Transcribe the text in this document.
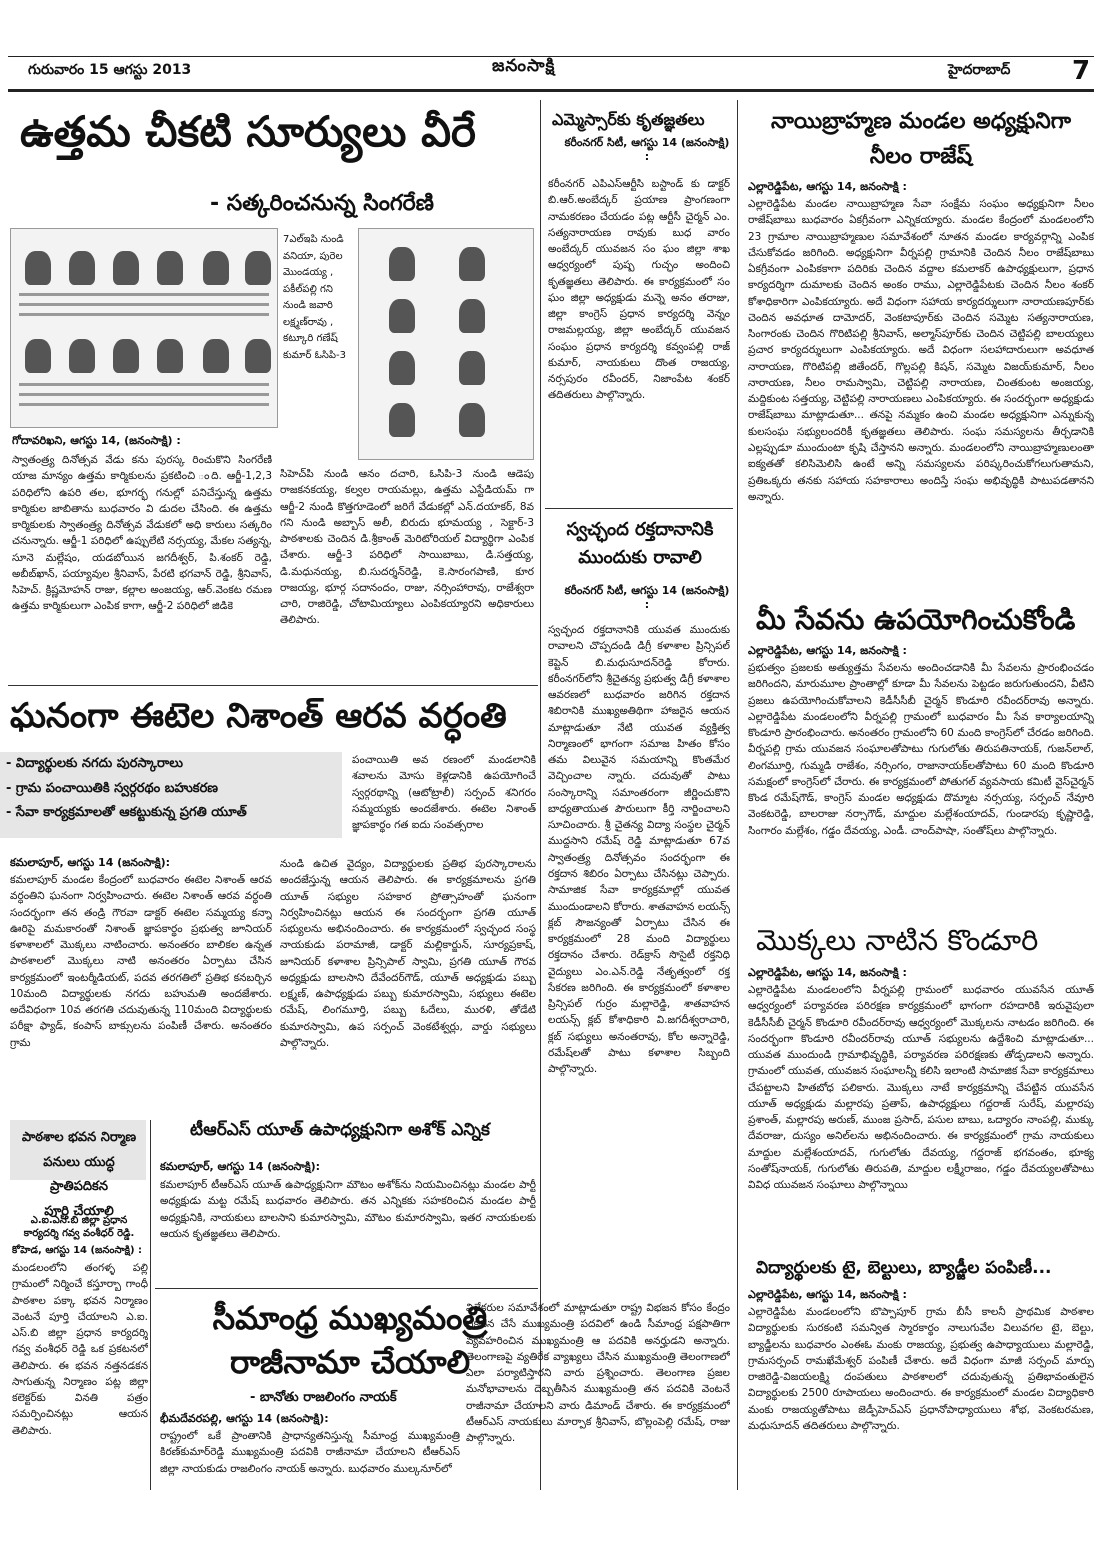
గురువారం 15 ఆగస్టు 2013	జనంసాక్షి	హైదరాబాద్ 7
ఉత్తమ చీకటి సూర్యులు వీరే
- సత్కరించనున్న సింగరేణి
7ఎల్ఇపి నుండి వనియా, పురెల మొండయ్య , పకీల్‌పల్లి గని నుండి జవారి లక్ష్మణ్‌రావు , కట్కూరి గణేష్ కుమార్ ఓసిపి-3
గోదావరిఖని, ఆగస్టు 14, (జనంసాక్షి) :
స్వాతంత్ర్య దినోత్సవ వేడు కను పురస్క రించుకొని సింగరేణి యాజ మాన్యం ఉత్తమ కార్మికులను ప్రకటించి ంది. ఆర్జీ-1,2,3 పరిధిలోని ఉపరి తల, భూగర్భ గనుల్లో పనిచేస్తున్న ఉత్తమ కార్మికుల జాబితాను బుధవారం వి డుదల చేసింది. ఈ ఉత్తమ కార్మికులకు స్వాతంత్ర్య దినోత్సవ వేడుకలో అధి కారులు సత్కరిం చనున్నారు. ఆర్జీ-1 పరిధిలో ఉప్పులేటి నర్సయ్య, మేకల సత్యన్న, సూనె మల్లేషం, యడబోయిన జగదీశ్వర్, పి.శంకర్ రెడ్డి, అబీబ్‌ఖాన్, పయ్యావుల శ్రీనివాస్, పేరటి భగవాన్ రెడ్డి, శ్రీనివాస్, సిహెచ్. క్రిష్ణమోహన్ రాజు, కల్లాల అంజయ్య, ఆర్.వెంకట రమణ ఉత్తమ కార్మికులుగా ఎంపిక కాగా, ఆర్జీ-2 పరిధిలో జిడికె
సిహెచ్‌పి నుండి ఆనం దచారి, ఓసిపి-3 నుండి ఆడెపు రాజకనకయ్య, కల్వల రాయమల్లు, ఉత్తమ ఎస్టేడియమ్ గా ఆర్జీ-2 నుండి కొత్తగూడెంలో జరిగే వేడుకల్లో ఎన్.దయాకర్, 8వ గని నుండి అబ్బాస్ అలీ, బిరుదు భూమయ్య , సెక్టార్-3 పాఠశాలకు చెందిన డి.శ్రీకాంత్ మెరిటోరియల్ విద్యార్థిగా ఎంపిక చేశారు. ఆర్జీ-3 పరిధిలో సాయిబాబు, డి.సత్తయ్య, డి.మధునయ్య, బి.సుదర్శన్‌రెడ్డి, కె.సారంగపాణి, కూర రాజయ్య, భూర్గ సదానందం, రాజు, నర్సింహారావు, రాజేశ్వరా చారి, రాజిరెడ్డి, చోటామియ్యాలు ఎంపికయ్యారని అధికారులు తెలిపారు.
ఘనంగా ఈటెల నిశాంత్ ఆరవ వర్ధంతి
- విద్యార్థులకు నగదు పురస్కారాలు
- గ్రామ పంచాయితికి స్వర్గరథం బహుకరణ
- సేవా కార్యక్రమాలతో ఆకట్టుకున్న ప్రగతి యూత్
పంచాయితి అవ రణంలో మండలానికి శవాలను మోసు కెళ్లడానికి ఉపయోగించే స్వర్గరథాన్ని (ఆటోట్రాలీ) సర్పంచ్ శనిగరం సమ్మయ్యకు అందజేశారు. ఈటెల నిశాంత్ జ్ఞాపకార్థం గత ఐదు సంవత్సరాల
కమలాపూర్, ఆగస్టు 14 (జనంసాక్షి):
కమలాపూర్ మండల కేంద్రంలో బుధవారం ఈటెల నిశాంత్ ఆరవ వర్ధంతిని ఘనంగా నిర్వహించారు. ఈటెల నిశాంత్ ఆరవ వర్ధంతి సందర్భంగా తన తండ్రి గౌరవా డాక్టర్ ఈటెల సమ్మయ్య కన్నా ఊరిపై మమకారంతో నిశాంత్ జ్ఞాపకార్థం ప్రభుత్వ జూనియర్ కళాశాలలో మొక్కలు నాటించారు. అనంతరం బాలికల ఉన్నత పాఠశాలలో మొక్కలు నాటి అనంతరం ఏర్పాటు చేసిన కార్యక్రమంలో ఇంటర్మీడియట్, పదవ తరగతిలో ప్రతిభ కనబర్చిన 10మంది విద్యార్థులకు నగదు బహుమతి అందజేశారు. అదేవిధంగా 10వ తరగతి చదువుతున్న 110మంది విద్యార్థులకు పరీక్షా ఫ్యాడ్, కంపాస్ బాక్సులను పంపిణీ చేశారు. అనంతరం గ్రామ
నుండి ఉచిత వైద్యం, విద్యార్థులకు ప్రతిభ పురస్కారాలను అందజేస్తున్న ఆయన తెలిపారు. ఈ కార్యక్రమాలను ప్రగతి యూత్ సభ్యుల సహకార ప్రోత్సాహంతో ఘనంగా నిర్వహించినట్లు ఆయన ఈ సందర్భంగా ప్రగతి యూత్ సభ్యులను అభినందించారు. ఈ కార్యక్రమంలో స్వచ్ఛంద సంస్థ నాయకుడు పరామాజీ, డాక్టర్ మల్లికార్జున్, సూర్యప్రకాష్, జూనియర్ కళాశాల ప్రిన్సిపాల్ స్వామి, ప్రగతి యూత్ గౌరవ అధ్యక్షుడు బాలసాని దేవేందర్‌గౌడ్, యూత్ అధ్యక్షుడు పబ్బు లక్ష్మణ్, ఉపాధ్యక్షుడు పబ్బు కుమారస్వామి, సభ్యులు ఈటెల రమేష్, లింగమూర్తి, పబ్బు ఓదేలు, మురళి, తోడేటి కుమారస్వామి, ఉప సర్పంచ్ వెంకటేశ్వర్లు, వార్డు సభ్యులు పాల్గొన్నారు.
పాఠశాల భవన నిర్మాణ
పనులు యుద్ధ ప్రాతిపదికన
పూర్తి చేయాలి
ఎ.ఐ.ఎస్.బి జిల్లా ప్రధాన కార్యదర్శి గవ్వ వంశీధర్ రెడ్డి.
కోహెడ, ఆగస్టు 14 (జనంసాక్షి) :
మండలంలోని తంగళ్ళ పల్లి గ్రామంలో నిర్మించే కస్తూర్బా గాంధీ పాఠశాల పక్కా భవన నిర్మాణం వెంటనే పూర్తి చేయాలని ఎ.ఐ. ఎస్.బి జిల్లా ప్రధాన కార్యదర్శి గవ్వ వంశీధర్ రెడ్డి ఒక ప్రకటనలో తెలిపారు. ఈ భవన నత్తనడకన సాగుతున్న నిర్మాణం పట్ల జిల్లా కలెక్టర్‌కు వినతి పత్రం సమర్పించినట్లు ఆయన తెలిపారు.
టీఆర్ఎస్ యూత్ ఉపాధ్యక్షునిగా అశోక్ ఎన్నిక
కమలాపూర్, ఆగస్టు 14 (జనంసాక్షి):
కమలాపూర్ టీఆర్ఎస్ యూత్ ఉపాధ్యక్షునిగా మౌటం అశోక్‌ను నియమించినట్లు మండల పార్టీ అధ్యక్షుడు మట్ట రమేష్ బుధవారం తెలిపారు. తన ఎన్నికకు సహకరించిన మండల పార్టీ అధ్యక్షునికి, నాయకులు బాలసాని కుమారస్వామి, మౌటం కుమారస్వామి, ఇతర నాయకులకు ఆయన కృతజ్ఞతలు తెలిపారు.
సీమాంధ్ర ముఖ్యమంత్రి
రాజీనామా చేయాలి
- బానోతు రాజలింగం నాయక్
భీమదేవరపల్లి, ఆగస్టు 14 (జనంసాక్షి):
రాష్ట్రంలో ఒకే ప్రాంతానికి ప్రాధాన్యతనిస్తున్న సీమాంధ్ర ముఖ్యమంత్రి కిరణ్‌కుమార్‌రెడ్డి ముఖ్యమంత్రి పదవికి రాజీనామా చేయాలని టీఆర్ఎస్ జిల్లా నాయకుడు రాజలింగం నాయక్ అన్నారు. బుధవారం ముల్కనూర్‌లో
విలేకరుల సమావేశంలో మాట్లాడుతూ రాష్ట్ర విభజన కోసం కేంద్రం ప్రకటన చేసే ముఖ్యమంత్రి పదవిలో ఉండి సీమాంధ్ర పక్షపాతిగా వ్యవహరించిన ముఖ్యమంత్రి ఆ పదవికి అనర్హుడని అన్నారు. తెలంగాణపై వ్యతిరేక వ్యాఖ్యలు చేసిన ముఖ్యమంత్రి తెలంగాణలో ఎలా పర్యాటిస్తారని వారు ప్రశ్నించారు. తెలంగాణ ప్రజల మనోభావాలను దెబ్బతీసిన ముఖ్యమంత్రి తన పదవికి వెంటనే రాజీనామా చేయాలని వారు డిమాండ్ చేశారు. ఈ కార్యక్రమంలో టీఆర్ఎస్ నాయకులు మార్పాక శ్రీనివాస్, బొల్లంపెల్లి రమేష్, రాజు పాల్గొన్నారు.
ఎమ్మెస్సార్‌కు కృతజ్ఞతలు
కరీంనగర్ సిటీ, ఆగస్టు 14 (జనంసాక్షి) :
కరీంనగర్ ఎపిఎస్ఆర్టీసి బస్టాండ్ కు డాక్టర్ బి.ఆర్.అంబేద్కర్ ప్రయాణ ప్రాంగణంగా నామకరణం చేయడం పట్ల ఆర్టీసీ చైర్మన్ ఎం. సత్యనారాయణ రావుకు బుధ వారం అంబేద్కర్ యువజన సం ఘం జిల్లా శాఖ ఆధ్వర్యంలో పుష్ప గుచ్ఛం అందించి కృతజ్ఞతలు తెలిపారు. ఈ కార్యక్రమంలో సం ఘం జిల్లా అధ్యక్షుడు మన్నె అనం తరాజు, జిల్లా కాంగ్రెస్ ప్రధాన కార్యదర్శి వెన్నం రాజమల్లయ్య, జిల్లా అంబేద్కర్ యువజన సంఘం ప్రధాన కార్యదర్శి కవ్వంపల్లి రాజ్ కుమార్, నాయకులు దొంత రాజయ్య, నర్సపురం రవీందర్, నిజాంపేట శంకర్ తదితరులు పాల్గొన్నారు.
స్వచ్ఛంద రక్తదానానికి ముందుకు రావాలి
కరీంనగర్ సిటీ, ఆగస్టు 14 (జనంసాక్షి) :
స్వచ్ఛంద రక్తదానానికి యువత ముందుకు రావాలని చొప్పదండి డిగ్రీ కళాశాల ప్రిన్సిపల్ కెప్టెన్ బి.మధుసూదన్‌రెడ్డి కోరారు. కరీంనగర్‌లోని శ్రీచైతన్య ప్రభుత్వ డిగ్రీ కళాశాల ఆవరణలో బుధవారం జరిగిన రక్తదాన శిబిరానికి ముఖ్యఅతిథిగా హాజరైన ఆయన మాట్లాడుతూ నేటి యువత వ్యక్తిత్వ నిర్మాణంలో భాగంగా సమాజ హితం కోసం తమ విలువైన సమయాన్ని కొంతమేర వెచ్చించాల న్నారు. చదువుతో పాటు సంస్కారాన్ని సమాంతరంగా జీర్ణించుకొని బాధ్యతాయుత పౌరులుగా కీర్తి నార్జించాలని సూచించారు. శ్రీ చైతన్య విద్యా సంస్థల చైర్మన్ ముద్దసాని రమేష్ రెడ్డి మాట్లాడుతూ 67వ స్వాతంత్ర్య దినోత్సవం సందర్భంగా ఈ రక్తదాన శిబిరం ఏర్పాటు చేసినట్లు చెప్పారు. సామాజిక సేవా కార్యక్రమాల్లో యువత ముందుండాలని కోరారు. శాతవాహన లయన్స్ క్లబ్ సౌజన్యంతో ఏర్పాటు చేసిన ఈ కార్యక్రమంలో 28 మంది విద్యార్థులు రక్తదానం చేశారు. రెడ్‌క్రాస్ సొసైటీ రక్తనిధి వైద్యులు ఎం.ఎన్.రెడ్డి నేతృత్వంలో రక్త సేకరణ జరిగింది. ఈ కార్యక్రమంలో కళాశాల ప్రిన్సిపల్ గుర్రం మల్లారెడ్డి, శాతవాహన లయన్స్ క్లబ్ కోశాధికారి వి.జగదీశ్వరాచారి, క్లబ్ సభ్యులు అనంతరావు, కోల అన్నారెడ్డి, రమేష్‌లతో పాటు కళాశాల సిబ్బంది పాల్గొన్నారు.
నాయిబ్రాహ్మణ మండల అధ్యక్షునిగా నీలం రాజేష్
ఎల్లారెడ్డిపేట, ఆగస్టు 14, జనంసాక్షి :
ఎల్లారెడ్డిపేట మండల నాయిబ్రాహ్మణ సేవా సంక్షేమ సంఘం అధ్యక్షునిగా నీలం రాజేష్‌బాబు బుధవారం ఏకగ్రీవంగా ఎన్నికయ్యారు. మండల కేంద్రంలో మండలంలోని 23 గ్రామాల నాయిబ్రాహ్మణుల సమావేశంలో నూతన మండల కార్యవర్గాన్ని ఎంపిక చేసుకోవడం జరిగింది. అధ్యక్షునిగా వీర్నపల్లి గ్రామానికి చెందిన నీలం రాజేష్‌బాబు ఏకగ్రీవంగా ఎంపికకాగా పదిరికు చెందిన వద్దాల కమలాకర్ ఉపాధ్యక్షులుగా, ప్రధాన కార్యదర్శిగా దుమాలకు చెందిన అంకం రాము, ఎల్లారెడ్డిపేటకు చెందిన నీలం శంకర్ కోశాధికారిగా ఎంపికయ్యారు. అదే విధంగా సహాయ కార్యదర్శులుగా నారాయణపూర్‌కు చెందిన అవధూత దామోదర్, వెంకటాపూర్‌కు చెందిన సమ్మెట సత్యనారాయణ, సింగారంకు చెందిన గొరిటిపల్లి శ్రీనివాస్, అల్మాస్‌పూర్‌కు చెందిన చెట్టిపల్లి బాలయ్యలు ప్రచార కార్యదర్శులుగా ఎంపికయ్యారు. అదే విధంగా సలహాదారులుగా అవధూత నారాయణ, గొరిటిపల్లి జితేందర్, గొల్లపల్లి కిషన్, సమ్మెట విజయ్‌కుమార్, నీలం నారాయణ, నీలం రామస్వామి, చెట్టిపల్లి నారాయణ, చింతకుంట అంజయ్య, మద్దికుంట సత్తయ్య, చెట్టిపల్లి నారాయణలు ఎంపికయ్యారు. ఈ సందర్భంగా అధ్యక్షుడు రాజేష్‌బాబు మాట్లాడుతూ... తనపై నమ్మకం ఉంచి మండల అధ్యక్షునిగా ఎన్నుకున్న కులసంఘ సభ్యులందరికీ కృతజ్ఞతలు తెలిపారు. సంఘ సమస్యలను తీర్చడానికి ఎల్లప్పుడూ ముందుంటా కృషి చేస్తానని అన్నారు. మండలంలోని నాయిబ్రాహ్మణులంతా ఐక్యతతో కలిసిమెలిసి ఉంటే అన్ని సమస్యలను పరిష్కరించుకోగలుగుతామని, ప్రతిఒక్కరు తనకు సహాయ సహకారాలు అందిస్తే సంఘ అభివృద్ధికి పాటుపడతానని అన్నారు.
మీ సేవను ఉపయోగించుకోండి
ఎల్లారెడ్డిపేట, ఆగస్టు 14, జనంసాక్షి :
ప్రభుత్వం ప్రజలకు అత్యుత్తమ సేవలను అందించడానికి మీ సేవలను ప్రారంభించడం జరిగిందని, మారుమూల ప్రాంతాల్లో కూడా మీ సేవలను పెట్టడం జరుగుతుందని, వీటిని ప్రజలు ఉపయోగించుకోవాలని కెడీసీసీబీ చైర్మన్ కొండూరి రవీందర్‌రావు అన్నారు. ఎల్లారెడ్డిపేట మండలంలోని వీర్నపల్లి గ్రామంలో బుధవారం మీ సేవ కార్యాలయాన్ని కొండూరి ప్రారంభించారు. అనంతరం గ్రామంలోని 60 మంది కాంగ్రెస్‌లో చేరడం జరిగింది. వీర్నపల్లి గ్రామ యువజన సంఘాలతోపాటు గుగులోతు తిరుపతినాయక్, గుజన్‌లాల్, లింగమూర్తి, గుమ్మడి రాజేశం, నర్సింగం, రాజానాయక్‌లతోపాటు 60 మంది కొండూరి సమక్షంలో కాంగ్రెస్‌లో చేరారు. ఈ కార్యక్రమంలో పోతుగల్ వ్యవసాయ కమిటీ వైస్‌చైర్మన్ కొండ రమేష్‌గౌడ్, కాంగ్రెస్ మండల అధ్యక్షుడు దొమ్మాట నర్సయ్య, సర్పంచ్ నేవూరి వెంకటరెడ్డి, బాలరాజు నర్సాగౌడ్, మాద్దుల మల్లేశంయాదవ్, గుండారపు కృష్ణారెడ్డి, సింగారం మల్లేశం, గడ్డం దేవయ్య, ఎండీ. చాంద్‌పాషా, సంతోష్‌లు పాల్గొన్నారు.
మొక్కలు నాటిన కొండూరి
ఎల్లారెడ్డిపేట, ఆగస్టు 14, జనంసాక్షి :
ఎల్లారెడ్డిపేట మండలంలోని వీర్నపల్లి గ్రామంలో బుధవారం యువసేన యూత్ ఆధ్వర్యంలో పర్యావరణ పరిరక్షణ కార్యక్రమంలో భాగంగా రహదారికి ఇరువైపులా కెడీసీసీబీ చైర్మన్ కొండూరి రవీందర్‌రావు ఆధ్వర్యంలో మొక్కలను నాటడం జరిగింది. ఈ సందర్భంగా కొండూరి రవీందర్‌రావు యూత్ సభ్యులను ఉద్దేశించి మాట్లాడుతూ... యువత ముందుండి గ్రామాభివృద్ధికి, పర్యావరణ పరిరక్షణకు తోడ్పడాలని అన్నారు. గ్రామంలో యువత, యువజన సంఘాలన్నీ కలిసి ఇలాంటి సామాజిక సేవా కార్యక్రమాలు చేపట్టాలని హితబోధ పలికారు. మొక్కలు నాటే కార్యక్రమాన్ని చేపట్టిన యువసేన యూత్ అధ్యక్షుడు మల్లారపు ప్రతాప్, ఉపాధ్యక్షులు గద్దరాజ్ సురేష్, మల్లారపు ప్రశాంత్, మల్లారపు అరుణ్, ముంజ ప్రసాద్, పసుల బాబు, ఒద్యారం నాంపల్లి, ముక్కు దేవరాజు, దుస్యం అనిల్‌లను అభినందించారు. ఈ కార్యక్రమంలో గ్రామ నాయకులు మాద్దుల మల్లేశంయాదవ్, గుగులోతు దేవయ్య, గద్దరాజ్ భగవంతం, భూక్య సంతోష్‌నాయక్, గుగులోతు తిరుపతి, మాద్దుల లక్ష్మీరాజం, గడ్డం దేవయ్యలతోపాటు వివిధ యువజన సంఘాలు పాల్గొన్నాయి
విద్యార్థులకు టై, బెల్టులు, బ్యాడ్జీల పంపిణీ...
ఎల్లారెడ్డిపేట, ఆగస్టు 14, జనంసాక్షి :
ఎల్లారెడ్డిపేట మండలంలోని బొప్పాపూర్ గ్రామ బీసీ కాలనీ ప్రాథమిక పాఠశాల విద్యార్థులకు సురకంటి సమన్విత స్మారకార్థం నాలుగువేల విలువగల టై, బెల్టు, బ్యాడ్జీలను బుధవారం ఎంఈఓ మంకు రాజయ్య, ప్రభుత్వ ఉపాధ్యాయులు మల్లారెడ్డి, గ్రామసర్పంచ్ రామఖేమేశ్వర్ పంపిణీ చేశారు. అదే విధంగా మాజీ సర్పంచ్ మార్పు రాజిరెడ్డి-విజయలక్ష్మి దంపతులు పాఠశాలలో చదువుతున్న ప్రతిభావంతులైన విద్యార్థులకు 2500 రూపాయలు అందించారు. ఈ కార్యక్రమంలో మండల విద్యాధికారి మంకు రాజయ్యతోపాటు జెడ్పీహెచ్ఎస్ ప్రధానోపాధ్యాయులు శోభ, వెంకటరమణ, మధుసూదన్ తదితరులు పాల్గొన్నారు.
